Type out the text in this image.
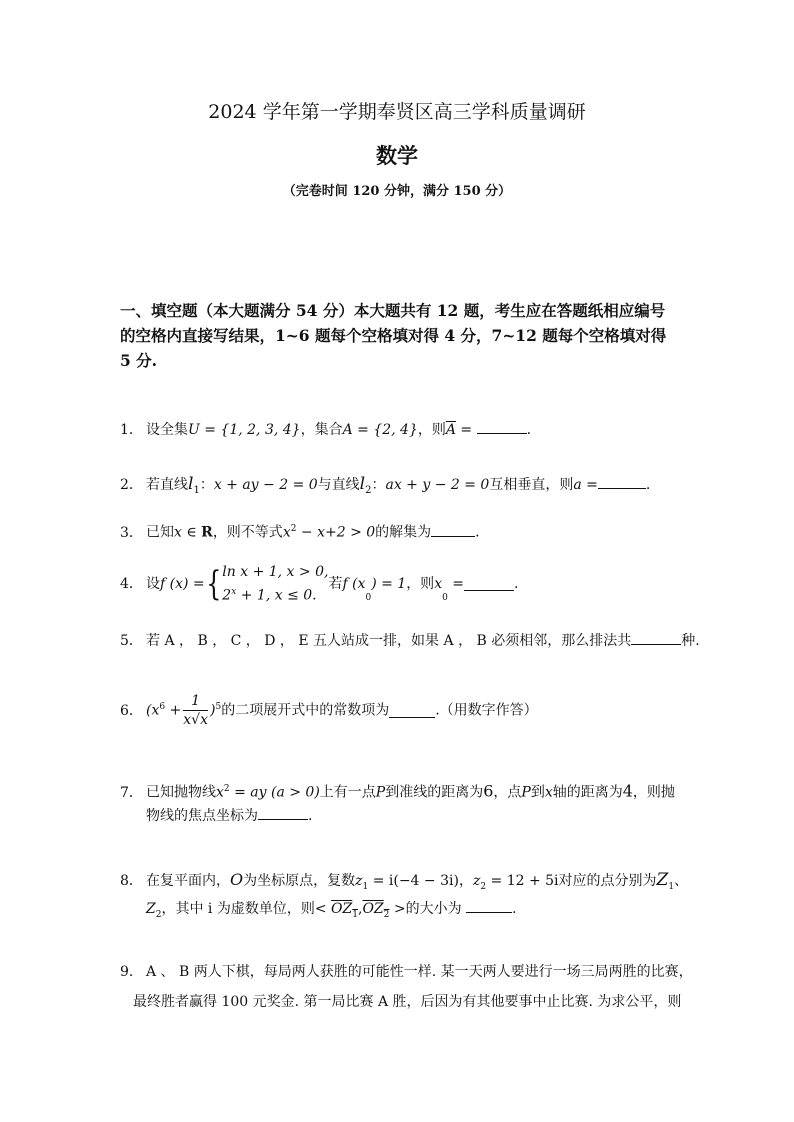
2024 学年第一学期奉贤区高三学科质量调研
数学
（完卷时间 120 分钟，满分 150 分）
一、填空题（本大题满分 54 分）本大题共有 12 题，考生应在答题纸相应编号的空格内直接写结果，1~6 题每个空格填对得 4 分，7~12 题每个空格填对得 5 分.
1． 设全集U = {1, 2, 3, 4}，集合A = {2, 4}，则$\overline{A}$ =	.
2． 若直线$l_1$：x + ay − 2 = 0与直线$l_2$：ax + y − 2 = 0互相垂直，则a =	.
3． 已知x ∈ R，则不等式$x^2 - x+2 > 0$的解集为	.
4． 设f (x) ={ ln x + 1, x > 0,
$2^x + 1$, x ≤ 0.
若f $(x_0) = 1$，则$x_0$ =	.
5． 若 A ， B ， C ， D ， E 五人站成一排，如果 A ， B 必须相邻，那么排法共	种.
6． $(x^6 + \frac{1}{x√x} )^5$的二项展开式中的常数项为	.（用数字作答）
7． 已知抛物线$x^2$ = ay (a > 0)上有一点P到准线的距离为6，点P到x轴的距离为4，则抛
物线的焦点坐标为	.
8． 在复平面内，O为坐标原点，复数$z_1 = i(-4 - 3i)$，$z_2 = 12 + 5i$对应的点分别为$Z_1$、
$Z_2$，其中 i 为虚数单位，则< $\overline{OZ}_1,\overline{OZ}_2$ >的大小为	.
9． A 、 B 两人下棋，每局两人获胜的可能性一样. 某一天两人要进行一场三局两胜的比赛，
最终胜者赢得 100 元奖金. 第一局比赛 A 胜，后因为有其他要事中止比赛. 为求公平，则
